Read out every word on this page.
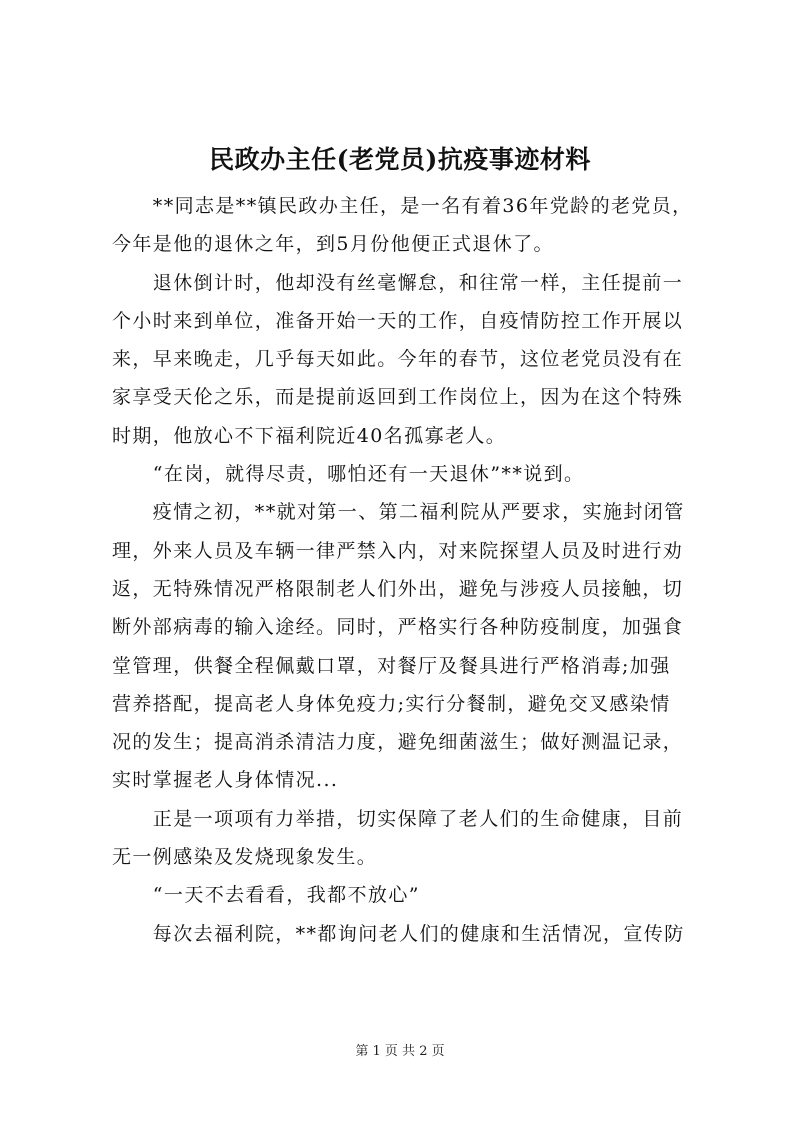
民政办主任(老党员)抗疫事迹材料
　　**同志是**镇民政办主任，是一名有着36年党龄的老党员，
今年是他的退休之年，到5月份他便正式退休了。
　　退休倒计时，他却没有丝毫懈怠，和往常一样，主任提前一
个小时来到单位，准备开始一天的工作，自疫情防控工作开展以
来，早来晚走，几乎每天如此。今年的春节，这位老党员没有在
家享受天伦之乐，而是提前返回到工作岗位上，因为在这个特殊
时期，他放心不下福利院近40名孤寡老人。
　　“在岗，就得尽责，哪怕还有一天退休”**说到。
　　疫情之初，**就对第一、第二福利院从严要求，实施封闭管
理，外来人员及车辆一律严禁入内，对来院探望人员及时进行劝
返，无特殊情况严格限制老人们外出，避免与涉疫人员接触，切
断外部病毒的输入途经。同时，严格实行各种防疫制度，加强食
堂管理，供餐全程佩戴口罩，对餐厅及餐具进行严格消毒;加强
营养搭配，提高老人身体免疫力;实行分餐制，避免交叉感染情
况的发生；提高消杀清洁力度，避免细菌滋生；做好测温记录，
实时掌握老人身体情况...
　　正是一项项有力举措，切实保障了老人们的生命健康，目前
无一例感染及发烧现象发生。
　　“一天不去看看，我都不放心”
　　每次去福利院，**都询问老人们的健康和生活情况，宣传防
第 1 页 共 2 页
